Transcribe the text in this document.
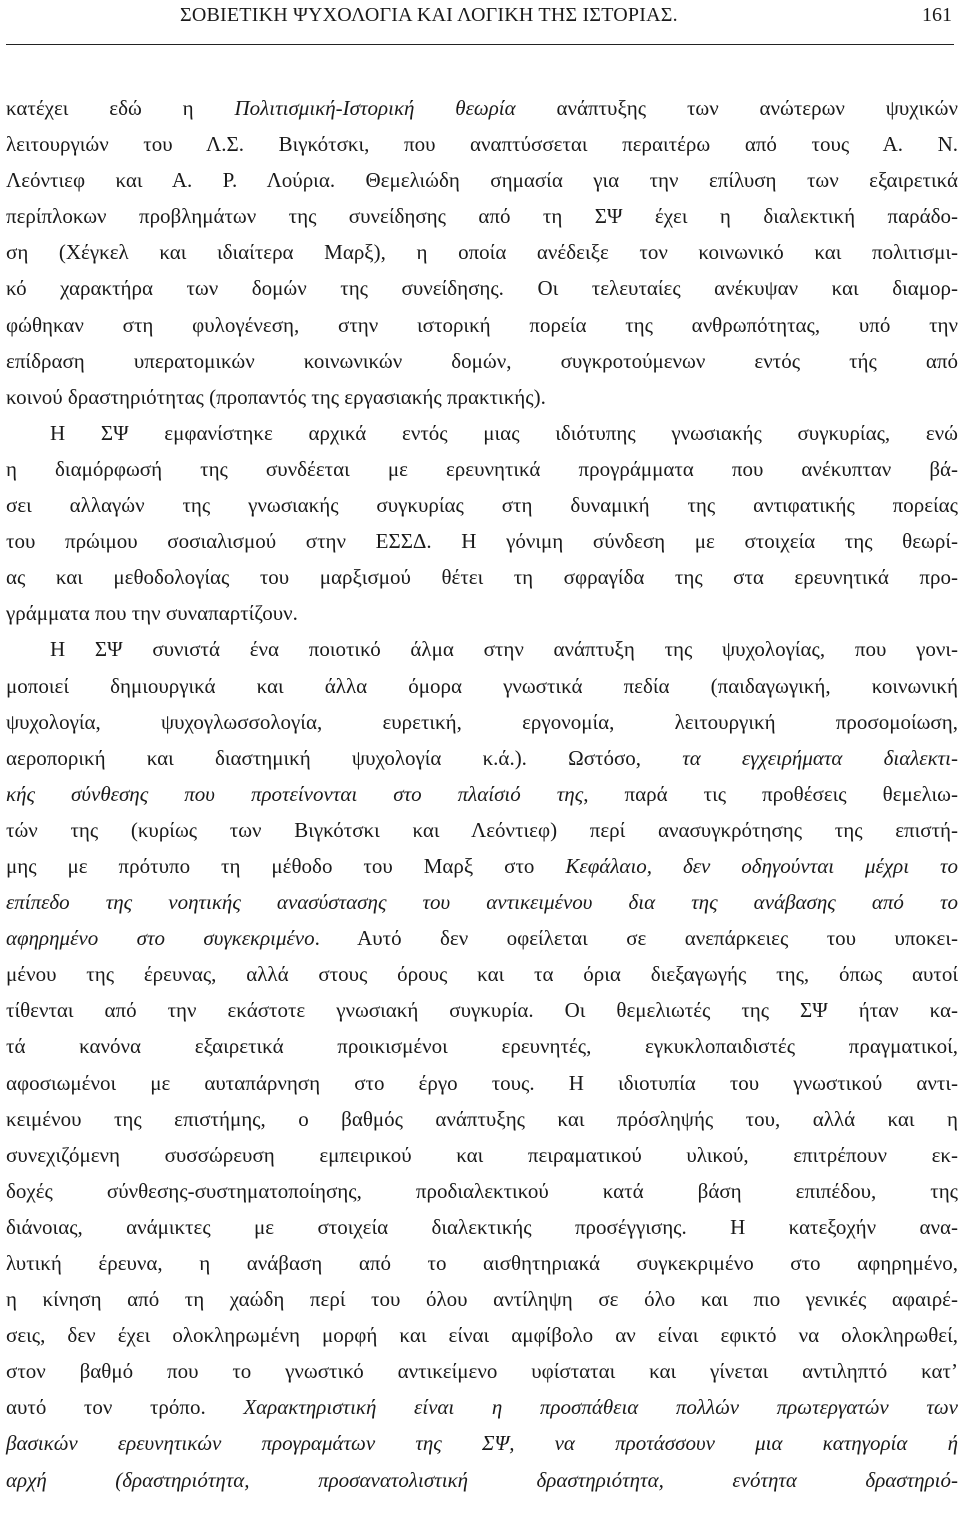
ΣΟΒΙΕΤΙΚΗ ΨΥΧΟΛΟΓΙΑ ΚΑΙ ΛΟΓΙΚΗ ΤΗΣ ΙΣΤΟΡΙΑΣ.	161
κατέχει εδώ η Πολιτισμική-Ιστορική θεωρία ανάπτυξης των ανώτερων ψυχικών
λειτουργιών του Λ.Σ. Βιγκότσκι, που αναπτύσσεται περαιτέρω από τους Α. Ν.
Λεόντιεφ και Α. Ρ. Λούρια. Θεμελιώδη σημασία για την επίλυση των εξαιρετικά
περίπλοκων προβλημάτων της συνείδησης από τη ΣΨ έχει η διαλεκτική παράδο-
ση (Χέγκελ και ιδιαίτερα Μαρξ), η οποία ανέδειξε τον κοινωνικό και πολιτισμι-
κό χαρακτήρα των δομών της συνείδησης. Οι τελευταίες ανέκυψαν και διαμορ-
φώθηκαν στη φυλογένεση, στην ιστορική πορεία της ανθρωπότητας, υπό την
επίδραση υπερατομικών κοινωνικών δομών, συγκροτούμενων εντός τής από
κοινού δραστηριότητας (προπαντός της εργασιακής πρακτικής).
Η ΣΨ εμφανίστηκε αρχικά εντός μιας ιδιότυπης γνωσιακής συγκυρίας, ενώ
η διαμόρφωσή της συνδέεται με ερευνητικά προγράμματα που ανέκυπταν βά-
σει αλλαγών της γνωσιακής συγκυρίας στη δυναμική της αντιφατικής πορείας
του πρώιμου σοσιαλισμού στην ΕΣΣΔ. Η γόνιμη σύνδεση με στοιχεία της θεωρί-
ας και μεθοδολογίας του μαρξισμού θέτει τη σφραγίδα της στα ερευνητικά προ-
γράμματα που την συναπαρτίζουν.
Η ΣΨ συνιστά ένα ποιοτικό άλμα στην ανάπτυξη της ψυχολογίας, που γονι-
μοποιεί δημιουργικά και άλλα όμορα γνωστικά πεδία (παιδαγωγική, κοινωνική
ψυχολογία, ψυχογλωσσολογία, ευρετική, εργονομία, λειτουργική προσομοίωση,
αεροπορική και διαστημική ψυχολογία κ.ά.). Ωστόσο, τα εγχειρήματα διαλεκτι-
κής σύνθεσης που προτείνονται στο πλαίσιό της, παρά τις προθέσεις θεμελιω-
τών της (κυρίως των Βιγκότσκι και Λεόντιεφ) περί ανασυγκρότησης της επιστή-
μης με πρότυπο τη μέθοδο του Μαρξ στο Κεφάλαιο, δεν οδηγούνται μέχρι το
επίπεδο της νοητικής ανασύστασης του αντικειμένου δια της ανάβασης από το
αφηρημένο στο συγκεκριμένο. Αυτό δεν οφείλεται σε ανεπάρκειες του υποκει-
μένου της έρευνας, αλλά στους όρους και τα όρια διεξαγωγής της, όπως αυτοί
τίθενται από την εκάστοτε γνωσιακή συγκυρία. Οι θεμελιωτές της ΣΨ ήταν κα-
τά κανόνα εξαιρετικά προικισμένοι ερευνητές, εγκυκλοπαιδιστές πραγματικοί,
αφοσιωμένοι με αυταπάρνηση στο έργο τους. Η ιδιοτυπία του γνωστικού αντι-
κειμένου της επιστήμης, ο βαθμός ανάπτυξης και πρόσληψής του, αλλά και η
συνεχιζόμενη συσσώρευση εμπειρικού και πειραματικού υλικού, επιτρέπουν εκ-
δοχές σύνθεσης-συστηματοποίησης, προδιαλεκτικού κατά βάση επιπέδου, της
διάνοιας, ανάμικτες με στοιχεία διαλεκτικής προσέγγισης. Η κατεξοχήν ανα-
λυτική έρευνα, η ανάβαση από το αισθητηριακά συγκεκριμένο στο αφηρημένο,
η κίνηση από τη χαώδη περί του όλου αντίληψη σε όλο και πιο γενικές αφαιρέ-
σεις, δεν έχει ολοκληρωμένη μορφή και είναι αμφίβολο αν είναι εφικτό να ολοκληρωθεί,
στον βαθμό που το γνωστικό αντικείμενο υφίσταται και γίνεται αντιληπτό κατ’
αυτό τον τρόπο. Χαρακτηριστική είναι η προσπάθεια πολλών πρωτεργατών των
βασικών ερευνητικών προγραμάτων της ΣΨ, να προτάσσουν μια κατηγορία ή
αρχή (δραστηριότητα, προσανατολιστική δραστηριότητα, ενότητα δραστηριό-
